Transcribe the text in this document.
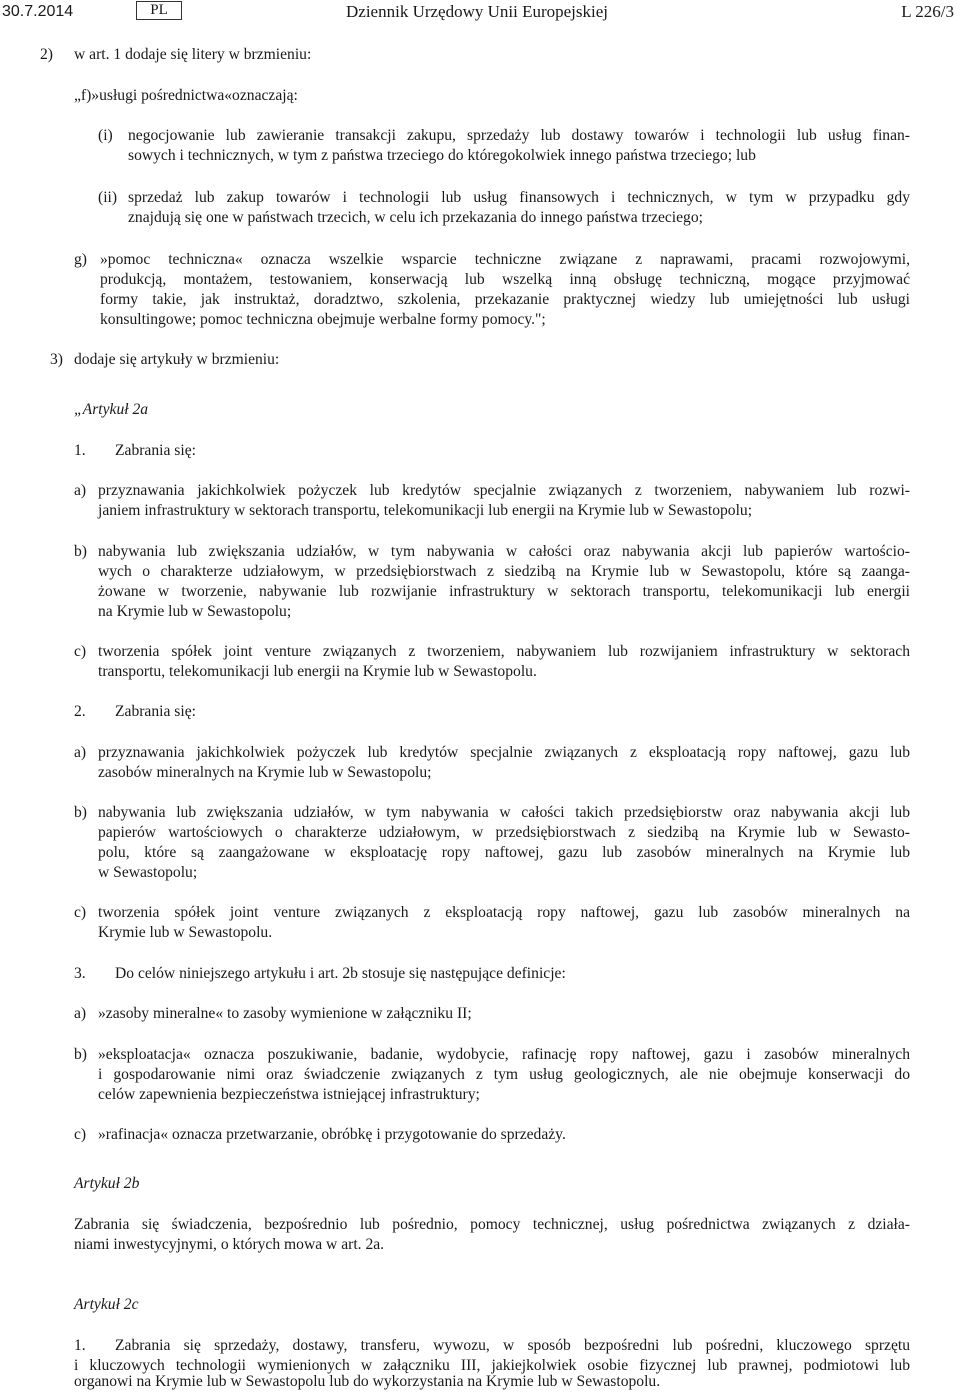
30.7.2014	PL	Dziennik Urzędowy Unii Europejskiej	L 226/3
2) w art. 1 dodaje się litery w brzmieniu:
„f)»usługi pośrednictwa«oznaczają:
(i) negocjowanie lub zawieranie transakcji zakupu, sprzedaży lub dostawy towarów i technologii lub usług finan-
sowych i technicznych, w tym z państwa trzeciego do któregokolwiek innego państwa trzeciego; lub
(ii) sprzedaż lub zakup towarów i technologii lub usług finansowych i technicznych, w tym w przypadku gdy
znajdują się one w państwach trzecich, w celu ich przekazania do innego państwa trzeciego;
g) »pomoc techniczna« oznacza wszelkie wsparcie techniczne związane z naprawami, pracami rozwojowymi,
produkcją, montażem, testowaniem, konserwacją lub wszelką inną obsługę techniczną, mogące przyjmować
formy takie, jak instruktaż, doradztwo, szkolenia, przekazanie praktycznej wiedzy lub umiejętności lub usługi
konsultingowe; pomoc techniczna obejmuje werbalne formy pomocy.";
3) dodaje się artykuły w brzmieniu:
„Artykuł 2a
1. Zabrania się:
a) przyznawania jakichkolwiek pożyczek lub kredytów specjalnie związanych z tworzeniem, nabywaniem lub rozwi-
janiem infrastruktury w sektorach transportu, telekomunikacji lub energii na Krymie lub w Sewastopolu;
b) nabywania lub zwiększania udziałów, w tym nabywania w całości oraz nabywania akcji lub papierów wartościo-
wych o charakterze udziałowym, w przedsiębiorstwach z siedzibą na Krymie lub w Sewastopolu, które są zaanga-
żowane w tworzenie, nabywanie lub rozwijanie infrastruktury w sektorach transportu, telekomunikacji lub energii
na Krymie lub w Sewastopolu;
c) tworzenia spółek joint venture związanych z tworzeniem, nabywaniem lub rozwijaniem infrastruktury w sektorach
transportu, telekomunikacji lub energii na Krymie lub w Sewastopolu.
2. Zabrania się:
a) przyznawania jakichkolwiek pożyczek lub kredytów specjalnie związanych z eksploatacją ropy naftowej, gazu lub
zasobów mineralnych na Krymie lub w Sewastopolu;
b) nabywania lub zwiększania udziałów, w tym nabywania w całości takich przedsiębiorstw oraz nabywania akcji lub
papierów wartościowych o charakterze udziałowym, w przedsiębiorstwach z siedzibą na Krymie lub w Sewasto-
polu, które są zaangażowane w eksploatację ropy naftowej, gazu lub zasobów mineralnych na Krymie lub
w Sewastopolu;
c) tworzenia spółek joint venture związanych z eksploatacją ropy naftowej, gazu lub zasobów mineralnych na
Krymie lub w Sewastopolu.
3. Do celów niniejszego artykułu i art. 2b stosuje się następujące definicje:
a) »zasoby mineralne« to zasoby wymienione w załączniku II;
b) »eksploatacja« oznacza poszukiwanie, badanie, wydobycie, rafinację ropy naftowej, gazu i zasobów mineralnych
i gospodarowanie nimi oraz świadczenie związanych z tym usług geologicznych, ale nie obejmuje konserwacji do
celów zapewnienia bezpieczeństwa istniejącej infrastruktury;
c) »rafinacja« oznacza przetwarzanie, obróbkę i przygotowanie do sprzedaży.
Artykuł 2b
Zabrania się świadczenia, bezpośrednio lub pośrednio, pomocy technicznej, usług pośrednictwa związanych z działa-
niami inwestycyjnymi, o których mowa w art. 2a.
Artykuł 2c
1. Zabrania się sprzedaży, dostawy, transferu, wywozu, w sposób bezpośredni lub pośredni, kluczowego sprzętu
i kluczowych technologii wymienionych w załączniku III, jakiejkolwiek osobie fizycznej lub prawnej, podmiotowi lub
organowi na Krymie lub w Sewastopolu lub do wykorzystania na Krymie lub w Sewastopolu.
